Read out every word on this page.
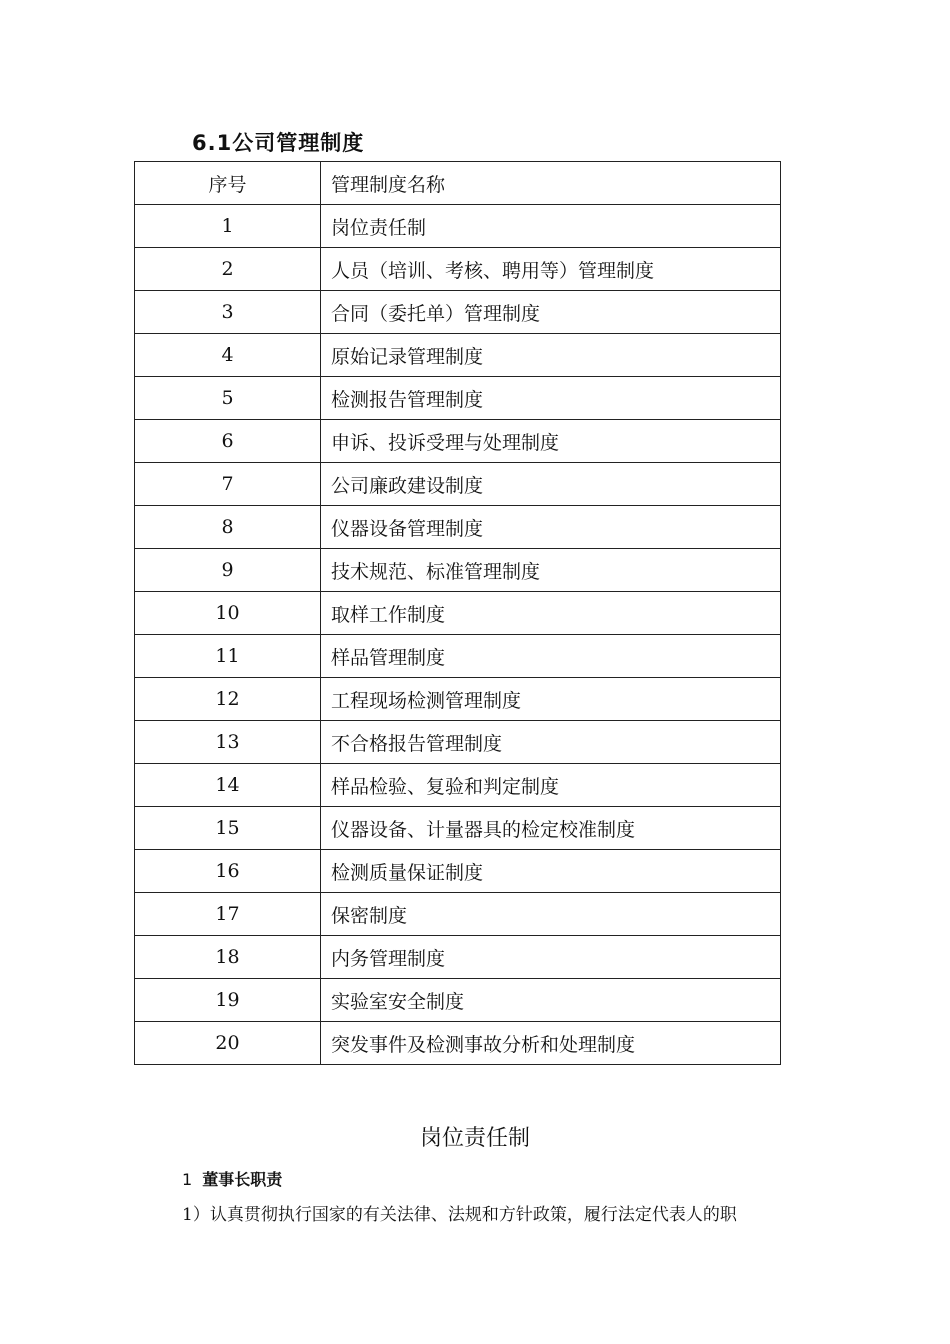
6.1公司管理制度
序号	管理制度名称
1	岗位责任制
2	人员（培训、考核、聘用等）管理制度
3	合同（委托单）管理制度
4	原始记录管理制度
5	检测报告管理制度
6	申诉、投诉受理与处理制度
7	公司廉政建设制度
8	仪器设备管理制度
9	技术规范、标准管理制度
10	取样工作制度
11	样品管理制度
12	工程现场检测管理制度
13	不合格报告管理制度
14	样品检验、复验和判定制度
15	仪器设备、计量器具的检定校准制度
16	检测质量保证制度
17	保密制度
18	内务管理制度
19	实验室安全制度
20	突发事件及检测事故分析和处理制度
岗位责任制
1 董事长职责
1）认真贯彻执行国家的有关法律、法规和方针政策，履行法定代表人的职
